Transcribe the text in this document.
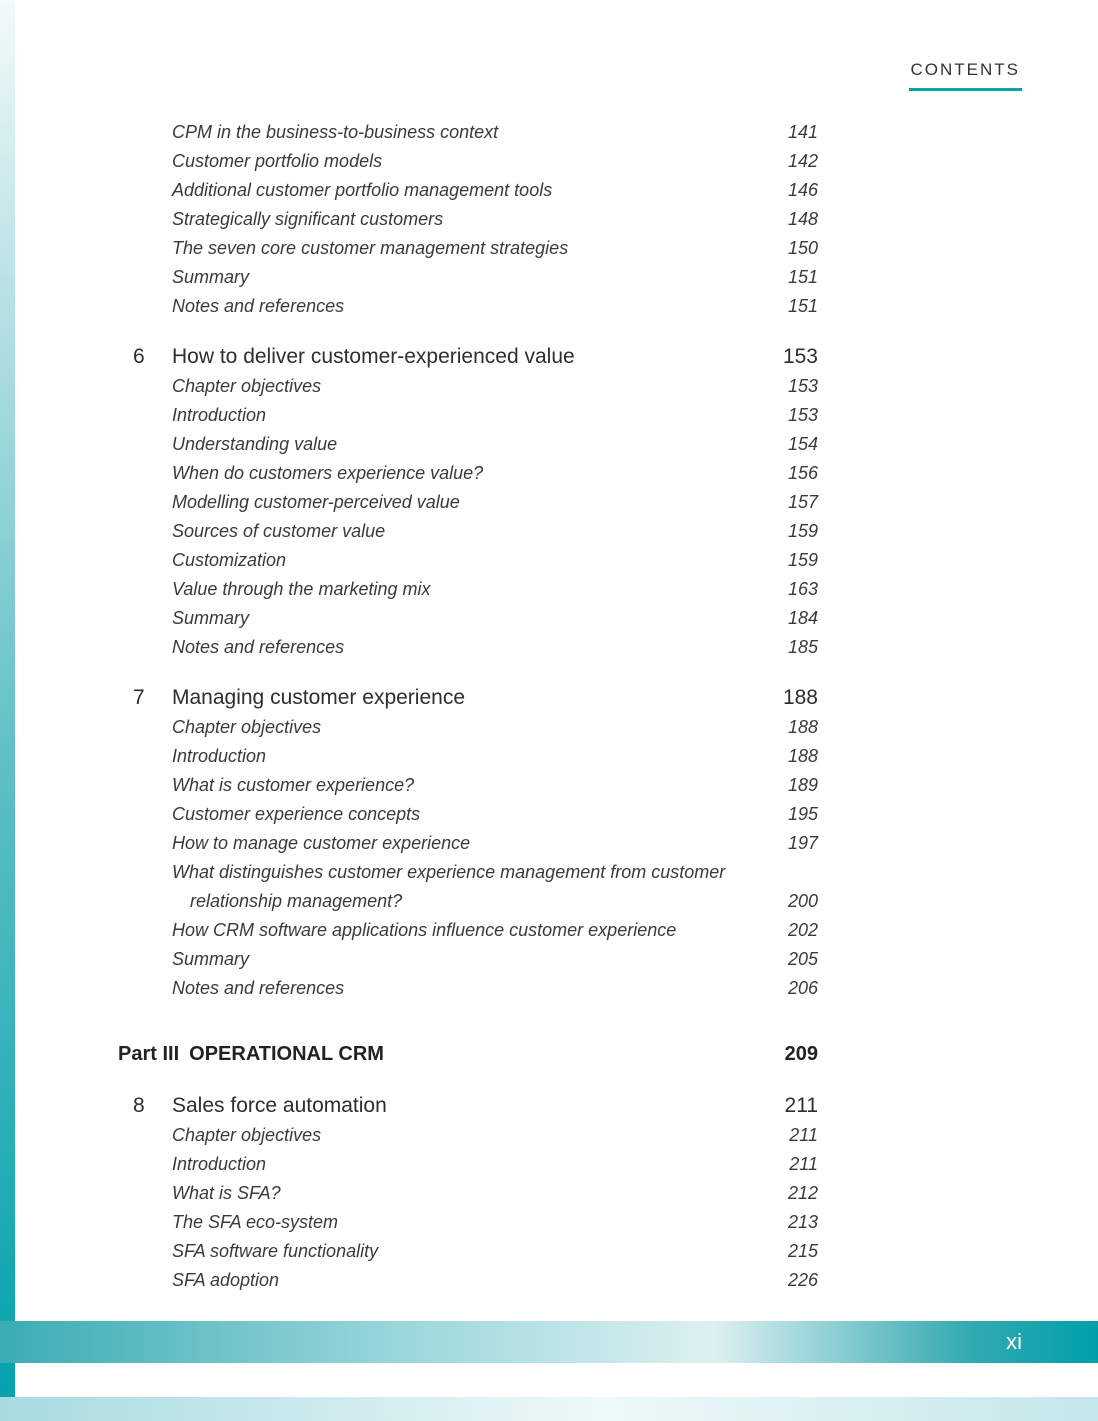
CONTENTS
CPM in the business-to-business context	141
Customer portfolio models	142
Additional customer portfolio management tools	146
Strategically significant customers	148
The seven core customer management strategies	150
Summary	151
Notes and references	151
6	How to deliver customer-experienced value	153
Chapter objectives	153
Introduction	153
Understanding value	154
When do customers experience value?	156
Modelling customer-perceived value	157
Sources of customer value	159
Customization	159
Value through the marketing mix	163
Summary	184
Notes and references	185
7	Managing customer experience	188
Chapter objectives	188
Introduction	188
What is customer experience?	189
Customer experience concepts	195
How to manage customer experience	197
What distinguishes customer experience management from customer
relationship management?	200
How CRM software applications influence customer experience	202
Summary	205
Notes and references	206
Part III OPERATIONAL CRM	209
8	Sales force automation	211
Chapter objectives	211
Introduction	211
What is SFA?	212
The SFA eco-system	213
SFA software functionality	215
SFA adoption	226
xi
